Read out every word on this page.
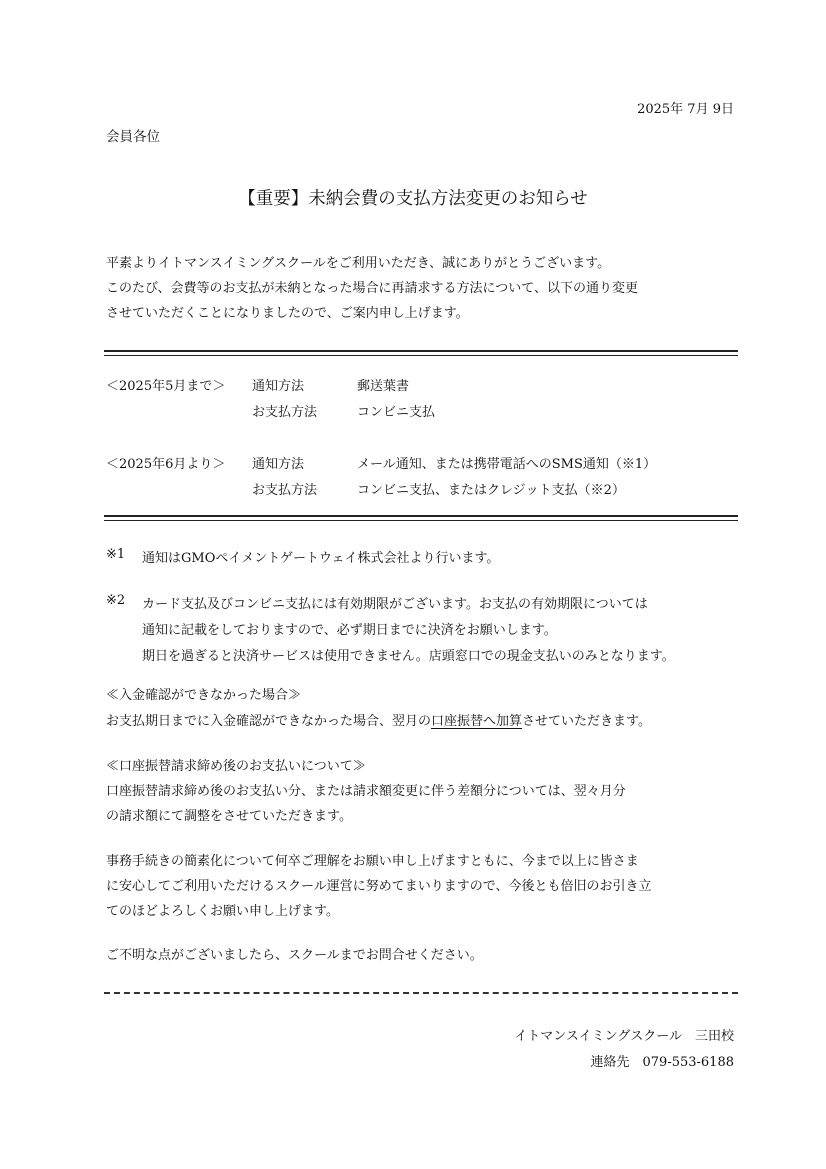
2025年 7月 9日
会員各位
【重要】未納会費の支払方法変更のお知らせ
平素よりイトマンスイミングスクールをご利用いただき、誠にありがとうございます。
このたび、会費等のお支払が未納となった場合に再請求する方法について、以下の通り変更
させていただくことになりましたので、ご案内申し上げます。
＜2025年5月まで＞ 通知方法	郵送葉書
お支払方法	コンビニ支払
＜2025年6月より＞ 通知方法	メール通知、または携帯電話へのSMS通知（※1）
お支払方法	コンビニ支払、またはクレジット支払（※2）
※1 通知はGMOペイメントゲートウェイ株式会社より行います。
※2 カード支払及びコンビニ支払には有効期限がございます。お支払の有効期限については
通知に記載をしておりますので、必ず期日までに決済をお願いします。
期日を過ぎると決済サービスは使用できません。店頭窓口での現金支払いのみとなります。
≪入金確認ができなかった場合≫
お支払期日までに入金確認ができなかった場合、翌月の口座振替へ加算させていただきます。
≪口座振替請求締め後のお支払いについて≫
口座振替請求締め後のお支払い分、または請求額変更に伴う差額分については、翌々月分
の請求額にて調整をさせていただきます。
事務手続きの簡素化について何卒ご理解をお願い申し上げますともに、今まで以上に皆さま
に安心してご利用いただけるスクール運営に努めてまいりますので、今後とも倍旧のお引き立
てのほどよろしくお願い申し上げます。
ご不明な点がございましたら、スクールまでお問合せください。
イトマンスイミングスクール　三田校
連絡先　079-553-6188
